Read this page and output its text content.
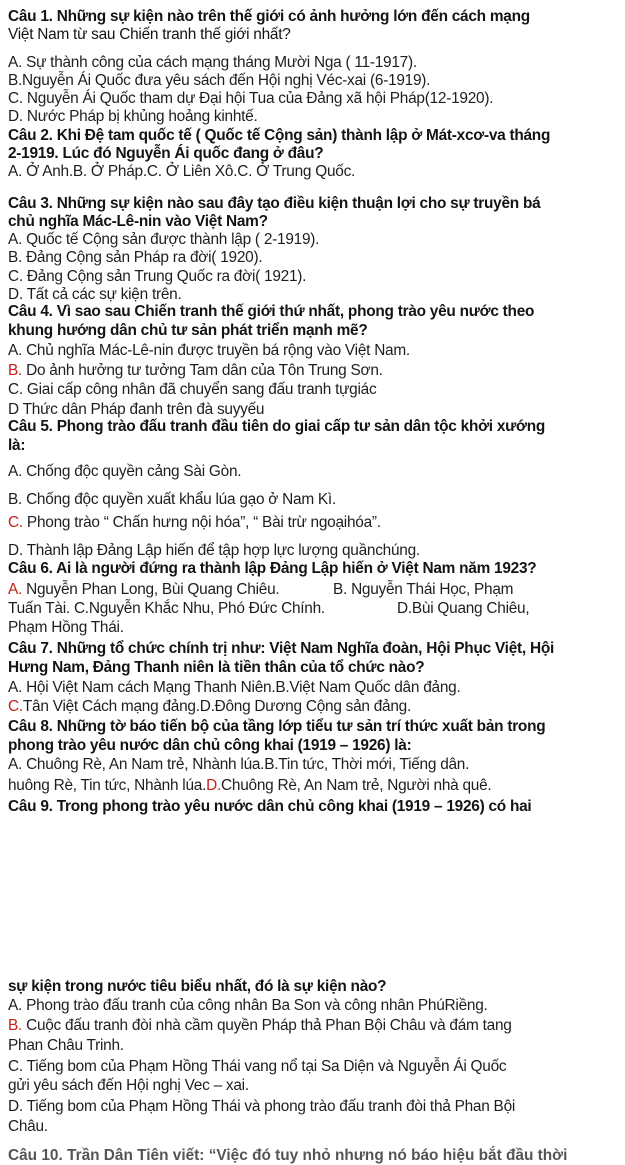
Câu 1. Những sự kiện nào trên thế giới có ảnh hưởng lớn đến cách mạng
Việt Nam từ sau Chiến tranh thế giới nhất?
A. Sự thành công của cách mạng tháng Mười Nga ( 11-1917).
B.Nguyễn Ái Quốc đưa yêu sách đến Hội nghị Véc-xai (6-1919).
C. Nguyễn Ái Quốc tham dự Đại hội Tua của Đảng xã hội Pháp(12-1920).
D. Nước Pháp bị khủng hoảng kinhtế.
Câu 2. Khi Đệ tam quốc tế ( Quốc tế Cộng sản) thành lập ở Mát-xcơ-va tháng
2-1919. Lúc đó Nguyễn Ái quốc đang ở đâu?
A. Ở Anh.B. Ở Pháp.C. Ở Liên Xô.C. Ở Trung Quốc.
Câu 3. Những sự kiện nào sau đây tạo điều kiện thuận lợi cho sự truyền bá
chủ nghĩa Mác-Lê-nin vào Việt Nam?
A. Quốc tế Cộng sản được thành lập ( 2-1919).
B. Đảng Cộng sản Pháp ra đời( 1920).
C. Đảng Cộng sản Trung Quốc ra đời( 1921).
D. Tất cả các sự kiện trên.
Câu 4. Vì sao sau Chiến tranh thế giới thứ nhất, phong trào yêu nước theo
khung hướng dân chủ tư sản phát triển mạnh mẽ?
A. Chủ nghĩa Mác-Lê-nin được truyền bá rộng vào Việt Nam.
B. Do ảnh hưởng tư tưởng Tam dân của Tôn Trung Sơn.
C. Giai cấp công nhân đã chuyển sang đấu tranh tựgiác
D Thức dân Pháp đanh trên đà suyyếu
Câu 5. Phong trào đấu tranh đầu tiên do giai cấp tư sản dân tộc khởi xướng
là:
A. Chống độc quyền cảng Sài Gòn.
B. Chống độc quyền xuất khẩu lúa gạo ở Nam Kì.
C. Phong trào “ Chấn hưng nội hóa”, “ Bài trừ ngoạihóa”.
D. Thành lập Đảng Lập hiến để tập hợp lực lượng quầnchúng.
Câu 6. Ai là người đứng ra thành lập Đảng Lập hiến ở Việt Nam năm 1923?
A. Nguyễn Phan Long, Bùi Quang Chiêu.	B. Nguyễn Thái Học, Phạm
Tuấn Tài. C.Nguyễn Khắc Nhu, Phó Đức Chính.	D.Bùi Quang Chiêu,
Phạm Hồng Thái.
Câu 7. Những tổ chức chính trị như: Việt Nam Nghĩa đoàn, Hội Phục Việt, Hội
Hưng Nam, Đảng Thanh niên là tiền thân của tổ chức nào?
A. Hội Việt Nam cách Mạng Thanh Niên.B.Việt Nam Quốc dân đảng.
C.Tân Việt Cách mạng đảng.D.Đông Dương Cộng sản đảng.
Câu 8. Những tờ báo tiến bộ của tầng lớp tiểu tư sản trí thức xuất bản trong
phong trào yêu nước dân chủ công khai (1919 – 1926) là:
A. Chuông Rè, An Nam trẻ, Nhành lúa.B.Tin tức, Thời mới, Tiếng dân.
huông Rè, Tin tức, Nhành lúa.D.Chuông Rè, An Nam trẻ, Người nhà quê.
Câu 9. Trong phong trào yêu nước dân chủ công khai (1919 – 1926) có hai
sự kiện trong nước tiêu biểu nhất, đó là sự kiện nào?
A. Phong trào đấu tranh của công nhân Ba Son và công nhân PhúRiềng.
B. Cuộc đấu tranh đòi nhà cầm quyền Pháp thả Phan Bội Châu và đám tang
Phan Châu Trinh.
C. Tiếng bom của Phạm Hồng Thái vang nổ tại Sa Diện và Nguyễn Ái Quốc
gửi yêu sách đến Hội nghị Vec – xai.
D. Tiếng bom của Phạm Hồng Thái và phong trào đấu tranh đòi thả Phan Bội
Châu.
Câu 10. Trần Dân Tiên viết: “Việc đó tuy nhỏ nhưng nó báo hiệu bắt đầu thời
